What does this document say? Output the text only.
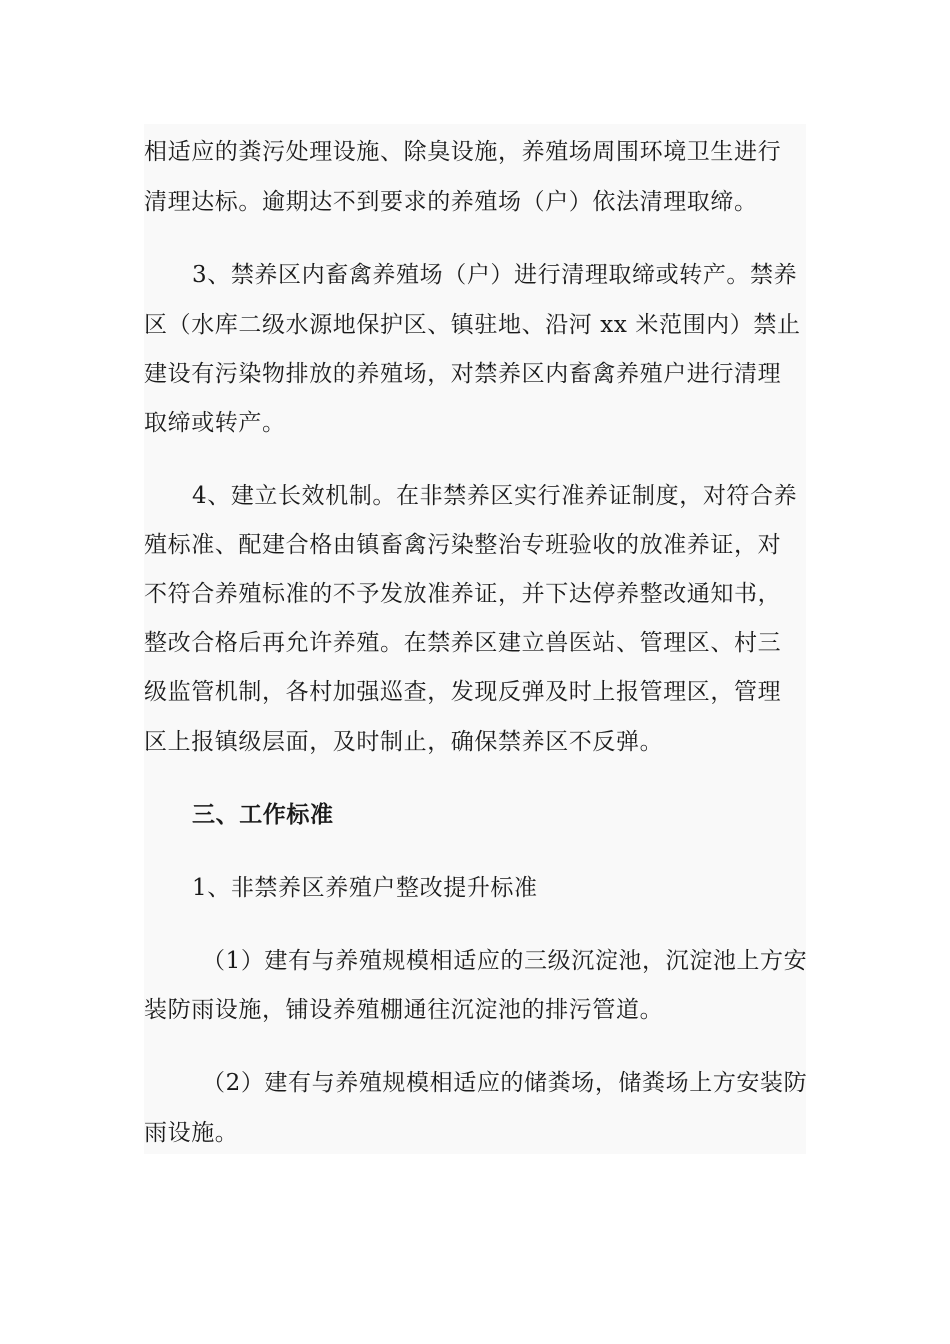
相适应的粪污处理设施、除臭设施，养殖场周围环境卫生进行
清理达标。逾期达不到要求的养殖场（户）依法清理取缔。
3、禁养区内畜禽养殖场（户）进行清理取缔或转产。禁养
区（水库二级水源地保护区、镇驻地、沿河 xx 米范围内）禁止
建设有污染物排放的养殖场，对禁养区内畜禽养殖户进行清理
取缔或转产。
4、建立长效机制。在非禁养区实行准养证制度，对符合养
殖标准、配建合格由镇畜禽污染整治专班验收的放准养证，对
不符合养殖标准的不予发放准养证，并下达停养整改通知书，
整改合格后再允许养殖。在禁养区建立兽医站、管理区、村三
级监管机制，各村加强巡查，发现反弹及时上报管理区，管理
区上报镇级层面，及时制止，确保禁养区不反弹。
三、工作标准
1、非禁养区养殖户整改提升标准
（1）建有与养殖规模相适应的三级沉淀池，沉淀池上方安
装防雨设施，铺设养殖棚通往沉淀池的排污管道。
（2）建有与养殖规模相适应的储粪场，储粪场上方安装防
雨设施。
